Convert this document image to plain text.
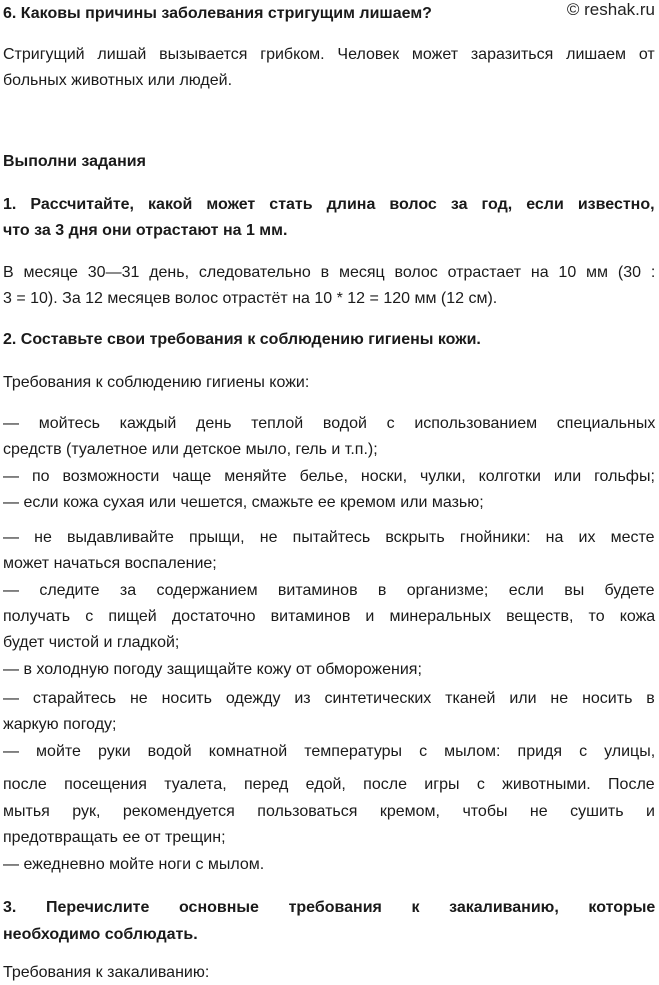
6. Каковы причины заболевания стригущим лишаем?	© reshak.ru
Стригущий лишай вызывается грибком. Человек может заразиться лишаем от
больных животных или людей.
Выполни задания
1. Рассчитайте, какой может стать длина волос за год, если известно,
что за 3 дня они отрастают на 1 мм.
В месяце 30—31 день, следовательно в месяц волос отрастает на 10 мм (30 :
3 = 10). За 12 месяцев волос отрастёт на 10 * 12 = 120 мм (12 см).
2. Составьте свои требования к соблюдению гигиены кожи.
Требования к соблюдению гигиены кожи:
— мойтесь каждый день теплой водой с использованием специальных
средств (туалетное или детское мыло, гель и т.п.);
— по возможности чаще меняйте белье, носки, чулки, колготки или гольфы;
— если кожа сухая или чешется, смажьте ее кремом или мазью;
— не выдавливайте прыщи, не пытайтесь вскрыть гнойники: на их месте
может начаться воспаление;
— следите за содержанием витаминов в организме; если вы будете
получать с пищей достаточно витаминов и минеральных веществ, то кожа
будет чистой и гладкой;
— в холодную погоду защищайте кожу от обморожения;
— старайтесь не носить одежду из синтетических тканей или не носить в
жаркую погоду;
— мойте руки водой комнатной температуры с мылом: придя с улицы,
после посещения туалета, перед едой, после игры с животными. После
мытья рук, рекомендуется пользоваться кремом, чтобы не сушить и
предотвращать ее от трещин;
— ежедневно мойте ноги с мылом.
3. Перечислите основные требования к закаливанию, которые
необходимо соблюдать.
Требования к закаливанию:
